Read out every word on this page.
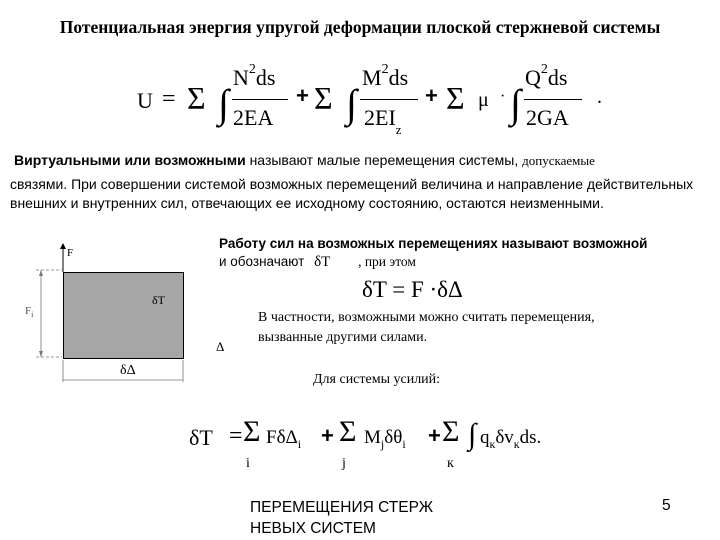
Потенциальная энергия упругой деформации плоской стержневой системы
U = Σ ∫
$N^2ds$
2EA
+ Σ ∫
$M^2ds$
$2EI_z$
+ Σ μ · ∫
$Q^2ds$
2GA
.
Виртуальными или возможными называют малые перемещения системы, допускаемые
связями. При совершении системой возможных перемещений величина и направление действительных внешних и внутренних сил, отвечающих ее исходному состоянию, остаются неизменными.
Работу сил на возможных перемещениях называют возможной
и обозначают δT , при этом
δT = F ·δΔ
В частности, возможными можно считать перемещения,
вызванные другими силами.
Для системы усилий:
δT = Σ FδΔ$_i$ + Σ $M_j\delta\theta_i + \Sigma$ ∫ $q_к\delta v_кds$.
i	j	к
F
$F_i$
δT
δΔ
Δ
ПЕРЕМЕЩЕНИЯ СТЕРЖ
НЕВЫХ СИСТЕМ
5
